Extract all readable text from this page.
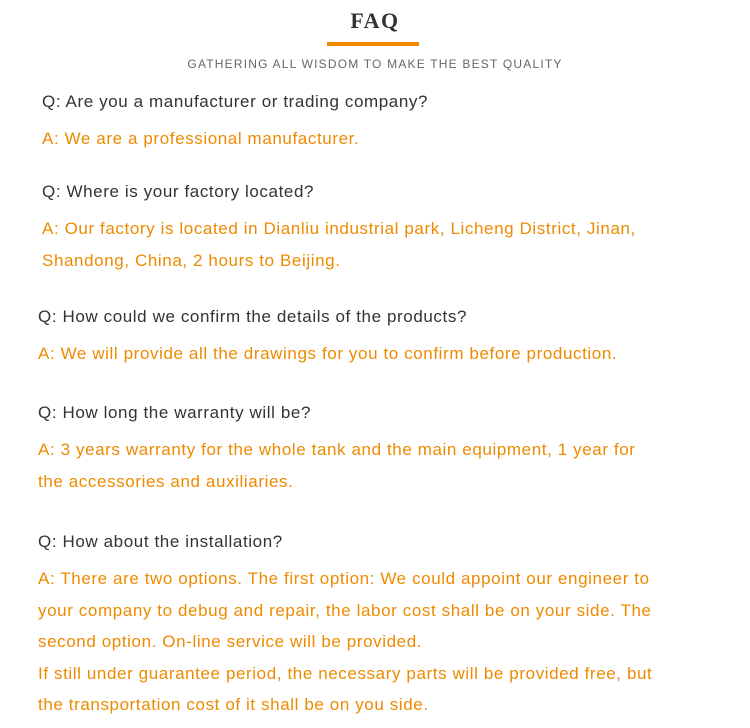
FAQ
GATHERING ALL WISDOM TO MAKE THE BEST QUALITY
Q: Are you a manufacturer or trading company?
A: We are a professional manufacturer.
Q: Where is your factory located?
A: Our factory is located in Dianliu industrial park, Licheng District, Jinan,
Shandong, China, 2 hours to Beijing.
Q: How could we confirm the details of the products?
A: We will provide all the drawings for you to confirm before production.
Q: How long the warranty will be?
A: 3 years warranty for the whole tank and the main equipment, 1 year for
the accessories and auxiliaries.
Q: How about the installation?
A: There are two options. The first option: We could appoint our engineer to
your company to debug and repair, the labor cost shall be on your side. The
second option. On-line service will be provided.
If still under guarantee period, the necessary parts will be provided free, but
the transportation cost of it shall be on you side.
